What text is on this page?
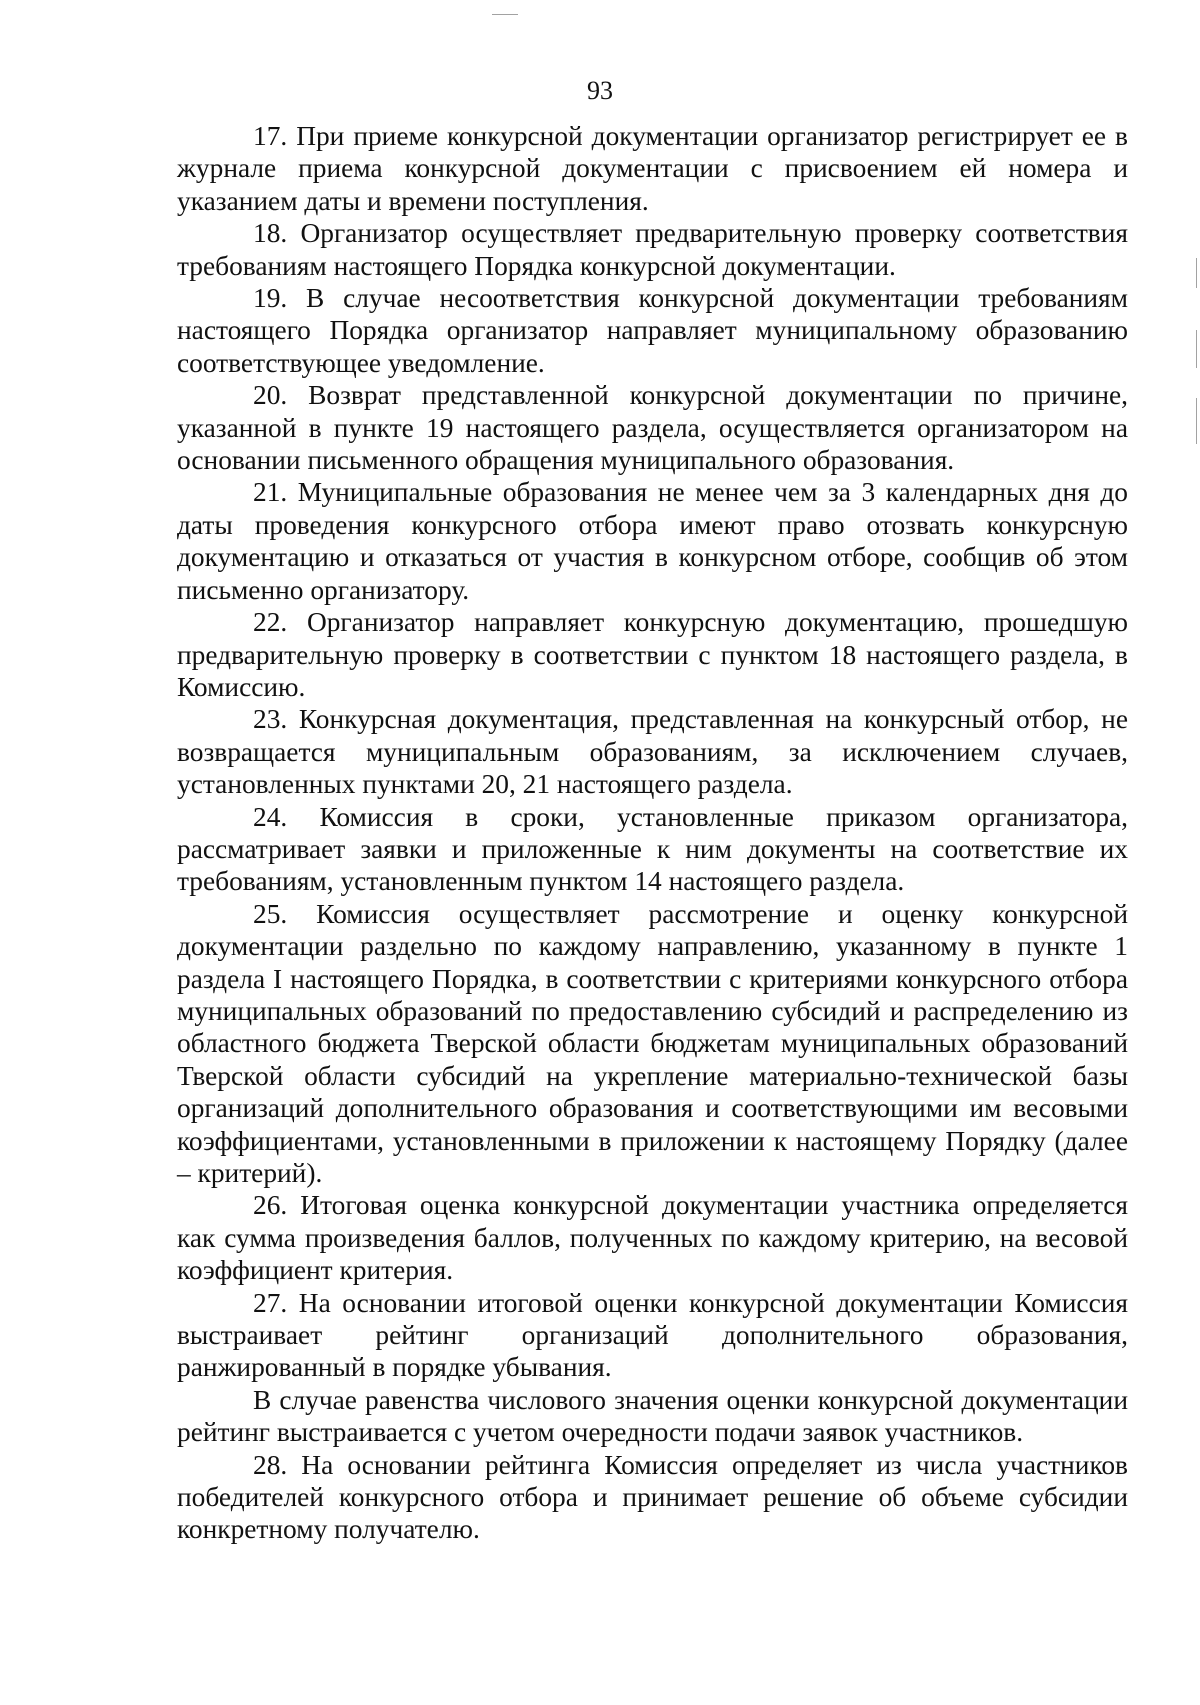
93

17. При приеме конкурсной документации организатор регистрирует ее в журнале приема конкурсной документации с присвоением ей номера и указанием даты и времени поступления.

18. Организатор осуществляет предварительную проверку соответствия требованиям настоящего Порядка конкурсной документации.

19. В случае несоответствия конкурсной документации требованиям настоящего Порядка организатор направляет муниципальному образованию соответствующее уведомление.

20. Возврат представленной конкурсной документации по причине, указанной в пункте 19 настоящего раздела, осуществляется организатором на основании письменного обращения муниципального образования.

21. Муниципальные образования не менее чем за 3 календарных дня до даты проведения конкурсного отбора имеют право отозвать конкурсную документацию и отказаться от участия в конкурсном отборе, сообщив об этом письменно организатору.

22. Организатор направляет конкурсную документацию, прошедшую предварительную проверку в соответствии с пунктом 18 настоящего раздела, в Комиссию.

23. Конкурсная документация, представленная на конкурсный отбор, не возвращается муниципальным образованиям, за исключением случаев, установленных пунктами 20, 21 настоящего раздела.

24. Комиссия в сроки, установленные приказом организатора, рассматривает заявки и приложенные к ним документы на соответствие их требованиям, установленным пунктом 14 настоящего раздела.

25. Комиссия осуществляет рассмотрение и оценку конкурсной документации раздельно по каждому направлению, указанному в пункте 1 раздела I настоящего Порядка, в соответствии с критериями конкурсного отбора муниципальных образований по предоставлению субсидий и распределению из областного бюджета Тверской области бюджетам муниципальных образований Тверской области субсидий на укрепление материально-технической базы организаций дополнительного образования и соответствующими им весовыми коэффициентами, установленными в приложении к настоящему Порядку (далее – критерий).

26. Итоговая оценка конкурсной документации участника определяется как сумма произведения баллов, полученных по каждому критерию, на весовой коэффициент критерия.

27. На основании итоговой оценки конкурсной документации Комиссия выстраивает рейтинг организаций дополнительного образования, ранжированный в порядке убывания.

В случае равенства числового значения оценки конкурсной документации рейтинг выстраивается с учетом очередности подачи заявок участников.

28. На основании рейтинга Комиссия определяет из числа участников победителей конкурсного отбора и принимает решение об объеме субсидии конкретному получателю.
